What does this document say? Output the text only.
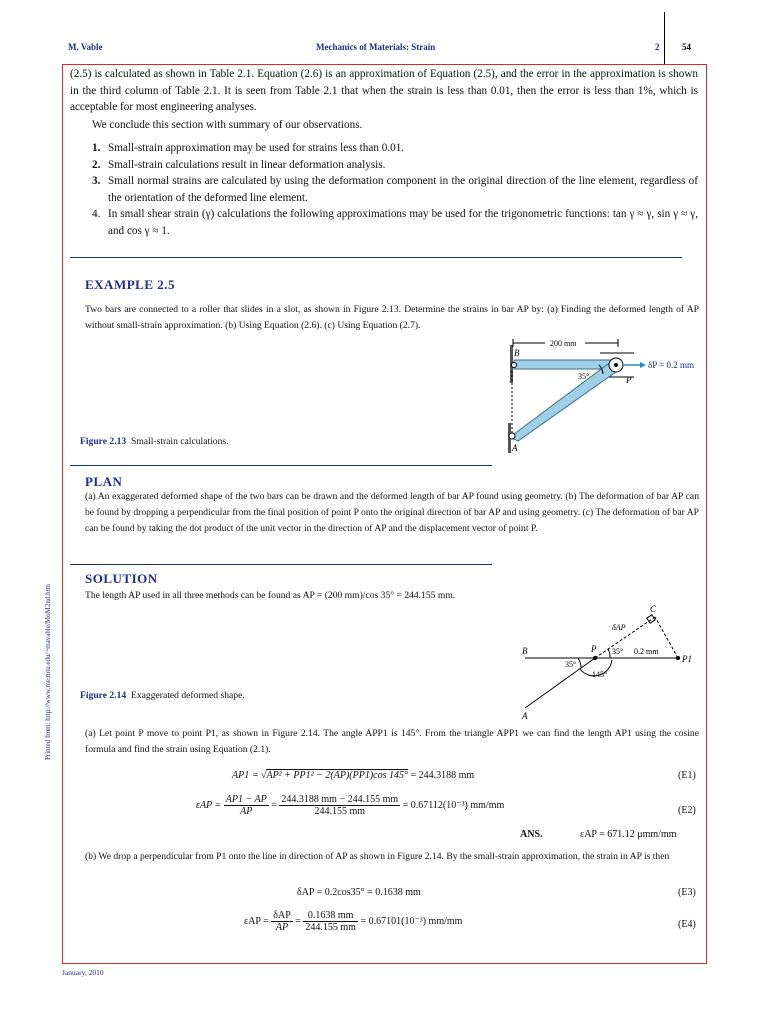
M. Vable	Mechanics of Materials: Strain	2	54
(2.5) is calculated as shown in Table 2.1. Equation (2.6) is an approximation of Equation (2.5), and the error in the approximation is shown in the third column of Table 2.1. It is seen from Table 2.1 that when the strain is less than 0.01, then the error is less than 1%, which is acceptable for most engineering analyses.
We conclude this section with summary of our observations.
1. Small-strain approximation may be used for strains less than 0.01.
2. Small-strain calculations result in linear deformation analysis.
3. Small normal strains are calculated by using the deformation component in the original direction of the line element, regardless of the orientation of the deformed line element.
4. In small shear strain (γ) calculations the following approximations may be used for the trigonometric functions: tan γ ≈ γ, sin γ ≈ γ, and cos γ ≈ 1.
EXAMPLE 2.5
Two bars are connected to a roller that slides in a slot, as shown in Figure 2.13. Determine the strains in bar AP by: (a) Finding the deformed length of AP without small-strain approximation. (b) Using Equation (2.6). (c) Using Equation (2.7).
200 mm
35°
B
P
A
δP = 0.2 mm
Figure 2.13 Small-strain calculations.
PLAN
(a) An exaggerated deformed shape of the two bars can be drawn and the deformed length of bar AP found using geometry. (b) The deformation of bar AP can be found by dropping a perpendicular from the final position of point P onto the original direction of bar AP and using geometry. (c) The deformation of bar AP can be found by taking the dot product of the unit vector in the direction of AP and the displacement vector of point P.
SOLUTION
The length AP used in all three methods can be found as AP = (200 mm)/cos 35° = 244.155 mm.
B	P
P1
C
A
δAP
35°
35°
145°
0.2 mm
Figure 2.14 Exaggerated deformed shape.
(a) Let point P move to point P1, as shown in Figure 2.14. The angle APP1 is 145°. From the triangle APP1 we can find the length AP1 using the cosine formula and find the strain using Equation (2.1).
AP1 = √AP² + PP1² − 2(AP)(PP1)cos 145° = 244.3188 mm	(E1)
$\varepsilon AP = \frac{AP1 - AP}{AP} = \frac{244.3188 mm - 244.155 mm}{244.155 mm} = 0.67112(10^{-3})$ mm/mm	(E2)
ANS.	εAP = 671.12 μmm/mm
(b) We drop a perpendicular from P1 onto the line in direction of AP as shown in Figure 2.14. By the small-strain approximation, the strain in AP is then
δAP = 0.2cos35° = 0.1638 mm	(E3)
$\varepsilon AP = \frac{\text{δAP}}{AP} = \frac{0.1638 mm}{244.155 mm} = 0.67101(10^{-3})$ mm/mm	(E4)
Printed from: http://www.me.mtu.edu/~mavable/MoM2nd.htm
January, 2010
